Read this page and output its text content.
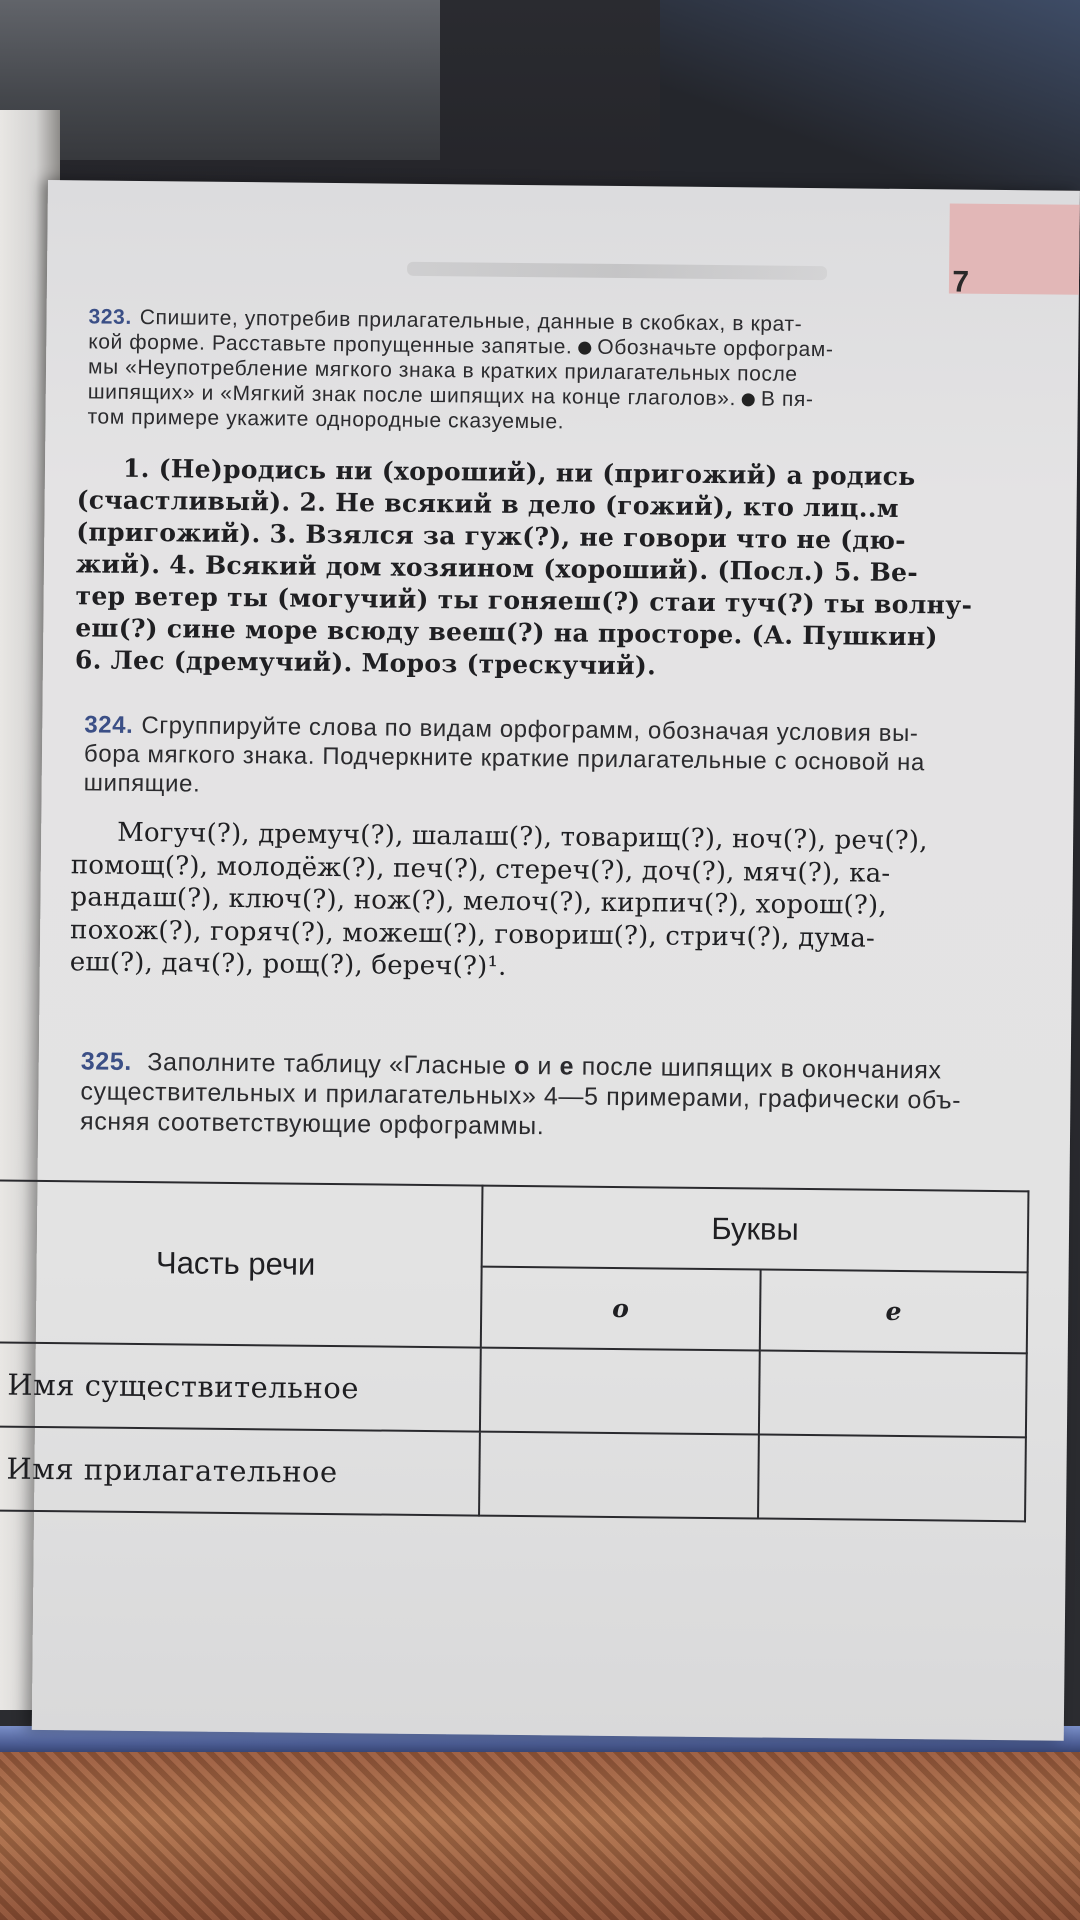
7
323. Спишите, употребив прилагательные, данные в скобках, в крат-
кой форме. Расставьте пропущенные запятые. Обозначьте орфограм-
мы «Неупотребление мягкого знака в кратких прилагательных после
шипящих» и «Мягкий знак после шипящих на конце глаголов». В пя-
том примере укажите однородные сказуемые.
1. (Не)родись ни (хороший), ни (пригожий) а родись
(счастливый). 2. Не всякий в дело (гожий), кто лиц..м
(пригожий). 3. Взялся за гуж(?), не говори что не (дю-
жий). 4. Всякий дом хозяином (хороший). (Посл.) 5. Ве-
тер ветер ты (могучий) ты гоняеш(?) стаи туч(?) ты волну-
еш(?) сине море всюду вееш(?) на просторе. (А. Пушкин)
6. Лес (дремучий). Мороз (трескучий).
324. Сгруппируйте слова по видам орфограмм, обозначая условия вы-
бора мягкого знака. Подчеркните краткие прилагательные с основой на
шипящие.
Могуч(?), дремуч(?), шалаш(?), товарищ(?), ноч(?), реч(?),
помощ(?), молодёж(?), печ(?), стереч(?), доч(?), мяч(?), ка-
рандаш(?), ключ(?), нож(?), мелоч(?), кирпич(?), хорош(?),
похож(?), горяч(?), можеш(?), говориш(?), стрич(?), дума-
еш(?), дач(?), рощ(?), береч(?)¹.
325. Заполните таблицу «Гласные о и е после шипящих в окончаниях
существительных и прилагательных» 4—5 примерами, графически объ-
ясняя соответствующие орфограммы.
Часть речи	Буквы	
	о	е
Имя существительное		
Имя прилагательное		
